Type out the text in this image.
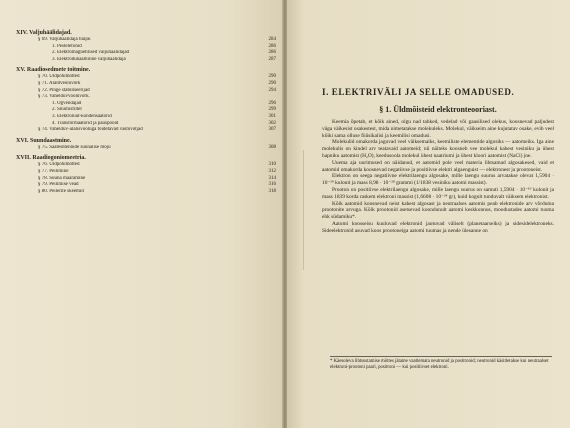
XIV. Valjuhäälidajad.
§ 69. Valjuhäälidaja tüüpe.	284
1. Pestelefonid	286
2. Elektromagnetilised valjuhäälidajad	286
3. Elektrodünaamiline valjuhäälidaja	287
XV. Raadiosedmete toitmine.
§ 70. Üldpõhimõtted	290
§ 71. Alaldveoluvõrk	290
§ 72. Pinge stabiliseerijad	294
§ 73. Vahelduvvooluvõrk.
1. Ögvendajad	296
2. Silumisfilter	299
3. Elektrolüüt-kondensaatorid	301
4. Transformaatorid ja pauspooid	302
§ 74. Vahelduv-alalisvooluga toidetavad vastuvõtjad	307
XVI. Suundaastmine.
§ 75. Saatesntennide suunalise mõju	308
XVII. Raadiogoniomeetria.
§ 76. Üldpõhimõtted	310
§ 77. Peilimine	312
§ 78. Suuna määramine	314
§ 79. Peilimise vead	316
§ 80. Peilerite skeemid	318
I. ELEKTRIVÄLI JA SELLE OMADUSED.
§ 1. Üldmõisteid elektronteooriast.

Keemia õpetab, et kõik ained, olgu nad tahked, vedelad või gaasilised olekus, koosnevad paljudest väga väikesist osakestest, mida nimetatakse molekuleks. Molekul, väikseim aine kujutatav osake, evib veel kõiki sama olluse füüsikalisi ja keemilisi omadusi.

Molekulid omakorda jaguvad veel väiksemaiks, keemiliste elementide algosiks — aatomeiks. Iga aine molekulis on kindel arv teatavaid aatomeid; nii näiteks koosneb vee molekul kahest vesiniku ja ühest hapniku aatomist (H₂O), keedusoola molekul ühest naatriumi ja ühest kloori aatomist (NaCl) jne.

Uuema aja uurimused on näidanud, et aatomid pole veel materia lihtsamad algosakesed, vaid et aatomid omakorda koosnevad negatiivse ja positiivse elektri algaenguist — elektronest ja prootoneist.

Elektron on seega negatiivne elektrilaengu algosake, mille laengu suurus arvatakse olevat 1,5904 · 10⁻¹⁹ kulonit ja mass 8,98 · 10⁻²⁸ grammi (1/1838 vesiniku aatomi massist).

Prooton on positiivse elektrilaengu algosake, mille laengu suurus on samuti 1,5904 · 10⁻¹⁹ kulonit ja mass 1839 korda raskem elektroni massist (1,6608 · 10⁻²⁴ gr), kuid kogult tunduvalt väiksem elektronist.

Kõik aatomid koosnevad neist kahest algosast ja neutraalses aatomis peab elektronide arv võrduma prootonite arvuga. Kõik prootonid asetsevad koondunult aatomi keskkonnus, moodustades aatomi tuuma ehk südamiku*.

Aatomi koosseisu kuuluvad elektronid jaotuvad väliselt (planetaarseiks) ja sidesidelektroneks. Sideelektronid asuvad koos prootoneiga aatomi tuumas ja nende ülesanne on

* Käesoleva lihtsustamise mõttes jätame vaatlemata neutronid ja positronid; neutronid käsitletakse kui neutraalset elektroni-prootoni paari, positroni — kui positiivset elektroni.
